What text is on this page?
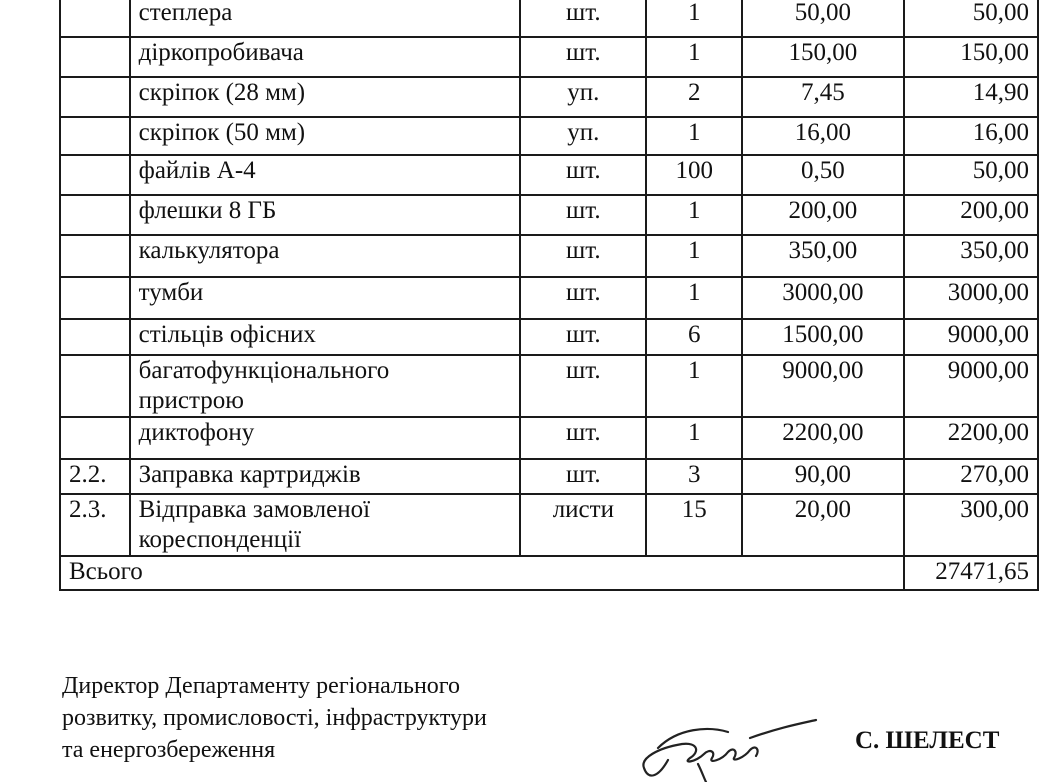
	степлера	шт.	1	50,00	50,00

	діркопробивача	шт.	1	150,00	150,00

	скріпок (28 мм)	уп.	2	7,45	14,90

	скріпок (50 мм)	уп.	1	16,00	16,00

	файлів А-4	шт.	100	0,50	50,00

	флешки 8 ГБ	шт.	1	200,00	200,00

	калькулятора	шт.	1	350,00	350,00

	тумби	шт.	1	3000,00	3000,00

	стільців офісних	шт.	6	1500,00	9000,00

	багатофункціонального
пристрою	шт.	1	9000,00	9000,00

	диктофону	шт.	1	2200,00	2200,00
2.2.	Заправка картриджів	шт.	3	90,00	270,00
2.3.	Відправка замовленої
кореспонденції	листи	15	20,00	300,00
Всього					27471,65
Директор Департаменту регіонального
розвитку, промисловості, інфраструктури
та енергозбереження	С. ШЕЛЕСТ
